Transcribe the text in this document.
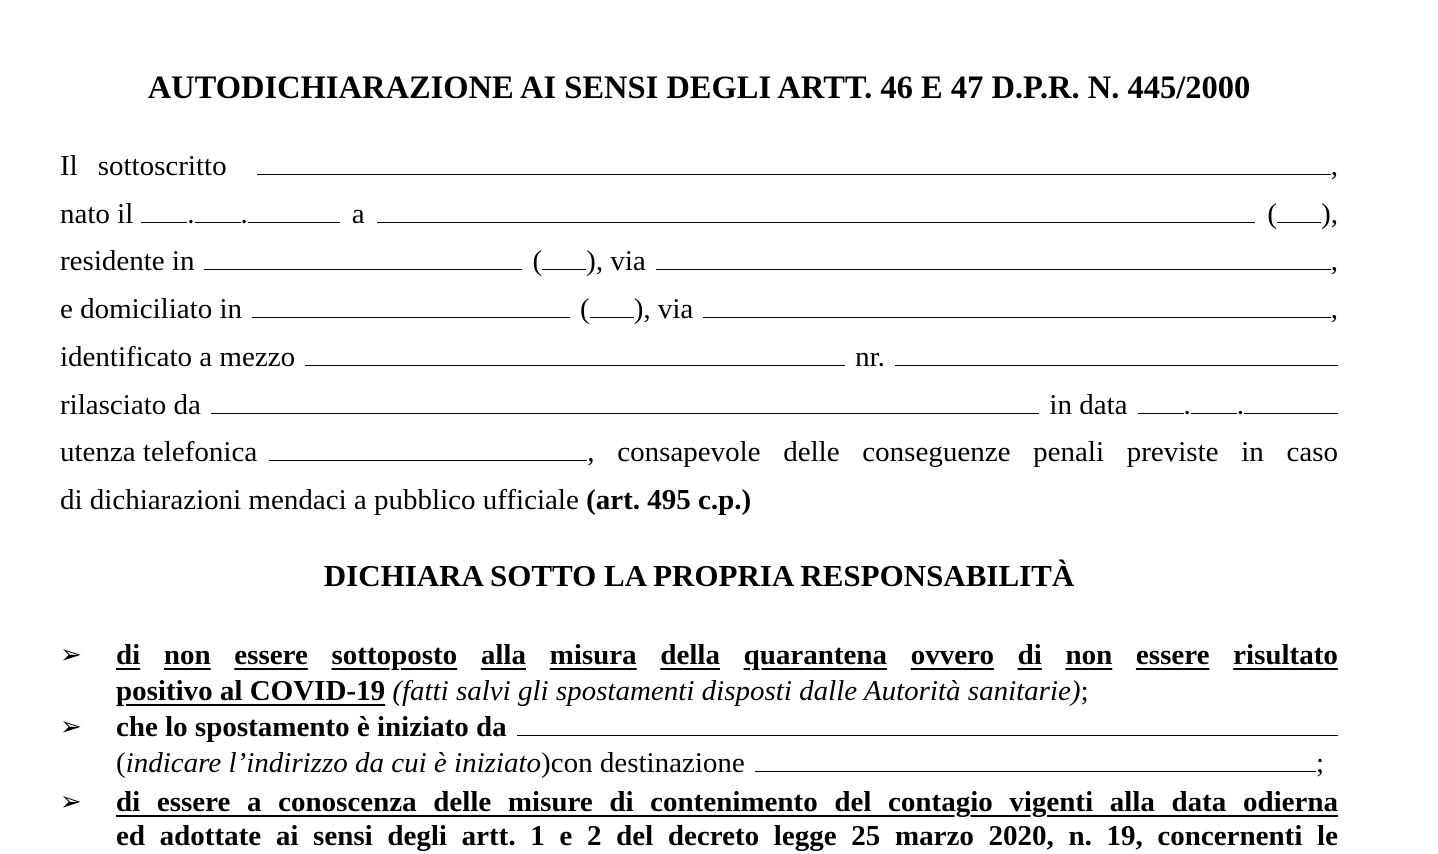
AUTODICHIARAZIONE AI SENSI DEGLI ARTT. 46 E 47 D.P.R. N. 445/2000
Il sottoscritto	,
nato il . .	a	( ),
residente in	( ), via	,
e domiciliato in	( ), via	,
identificato a mezzo	nr.
rilasciato da	in data . .
utenza telefonica	, consapevole delle conseguenze penali previste in caso
di dichiarazioni mendaci a pubblico ufficiale (art. 495 c.p.)
DICHIARA SOTTO LA PROPRIA RESPONSABILITÀ
➢ di non essere sottoposto alla misura della quarantena ovvero di non essere risultato
positivo al COVID-19 (fatti salvi gli spostamenti disposti dalle Autorità sanitarie);
➢ che lo spostamento è iniziato da
( indicare l’indirizzo da cui è iniziato ) con destinazione	;
➢ di essere a conoscenza delle misure di contenimento del contagio vigenti alla data odierna
ed adottate ai sensi degli artt. 1 e 2 del decreto legge 25 marzo 2020, n. 19, concernenti le
